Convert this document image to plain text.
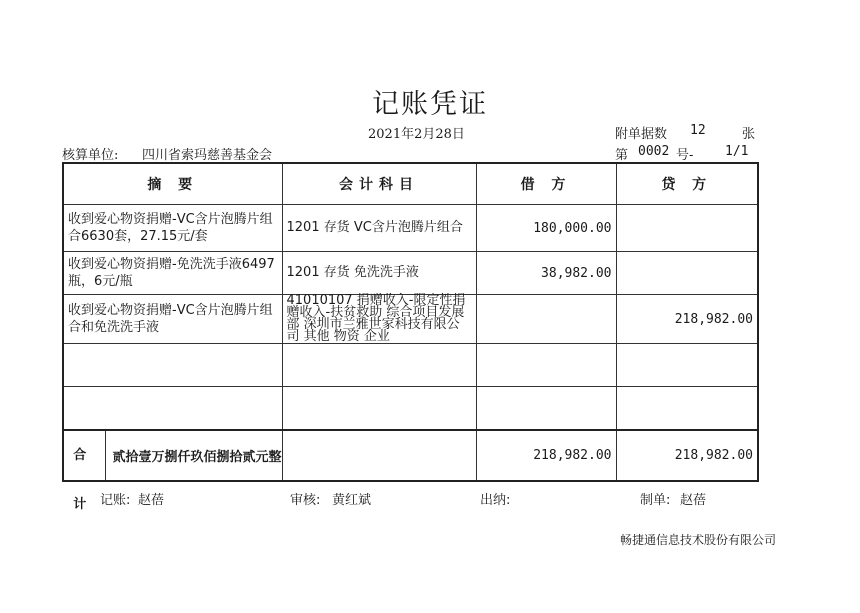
记账凭证
2021年2月28日	附单据数 12	张
核算单位: 四川省索玛慈善基金会	第 0002 号- 1/1
摘 要	会计科目	借 方	贷 方
收到爱心物资捐赠-VC含片泡腾片组合6630套，27.15元/套	1201 存货 VC含片泡腾片组合	180,000.00	
收到爱心物资捐赠-免洗洗手液6497瓶，6元/瓶	1201 存货 免洗洗手液	38,982.00	
收到爱心物资捐赠-VC含片泡腾片组合和免洗洗手液	41010107 捐赠收入-限定性捐赠收入-扶贫救助 综合项目发展部 深圳市兰雅世家科技有限公司 其他 物资 企业		218,982.00

合 计
贰拾壹万捌仟玖佰捌拾贰元整		218,982.00	218,982.00
记账: 赵蓓	审核: 黄红斌	出纳:	制单: 赵蓓
畅捷通信息技术股份有限公司
